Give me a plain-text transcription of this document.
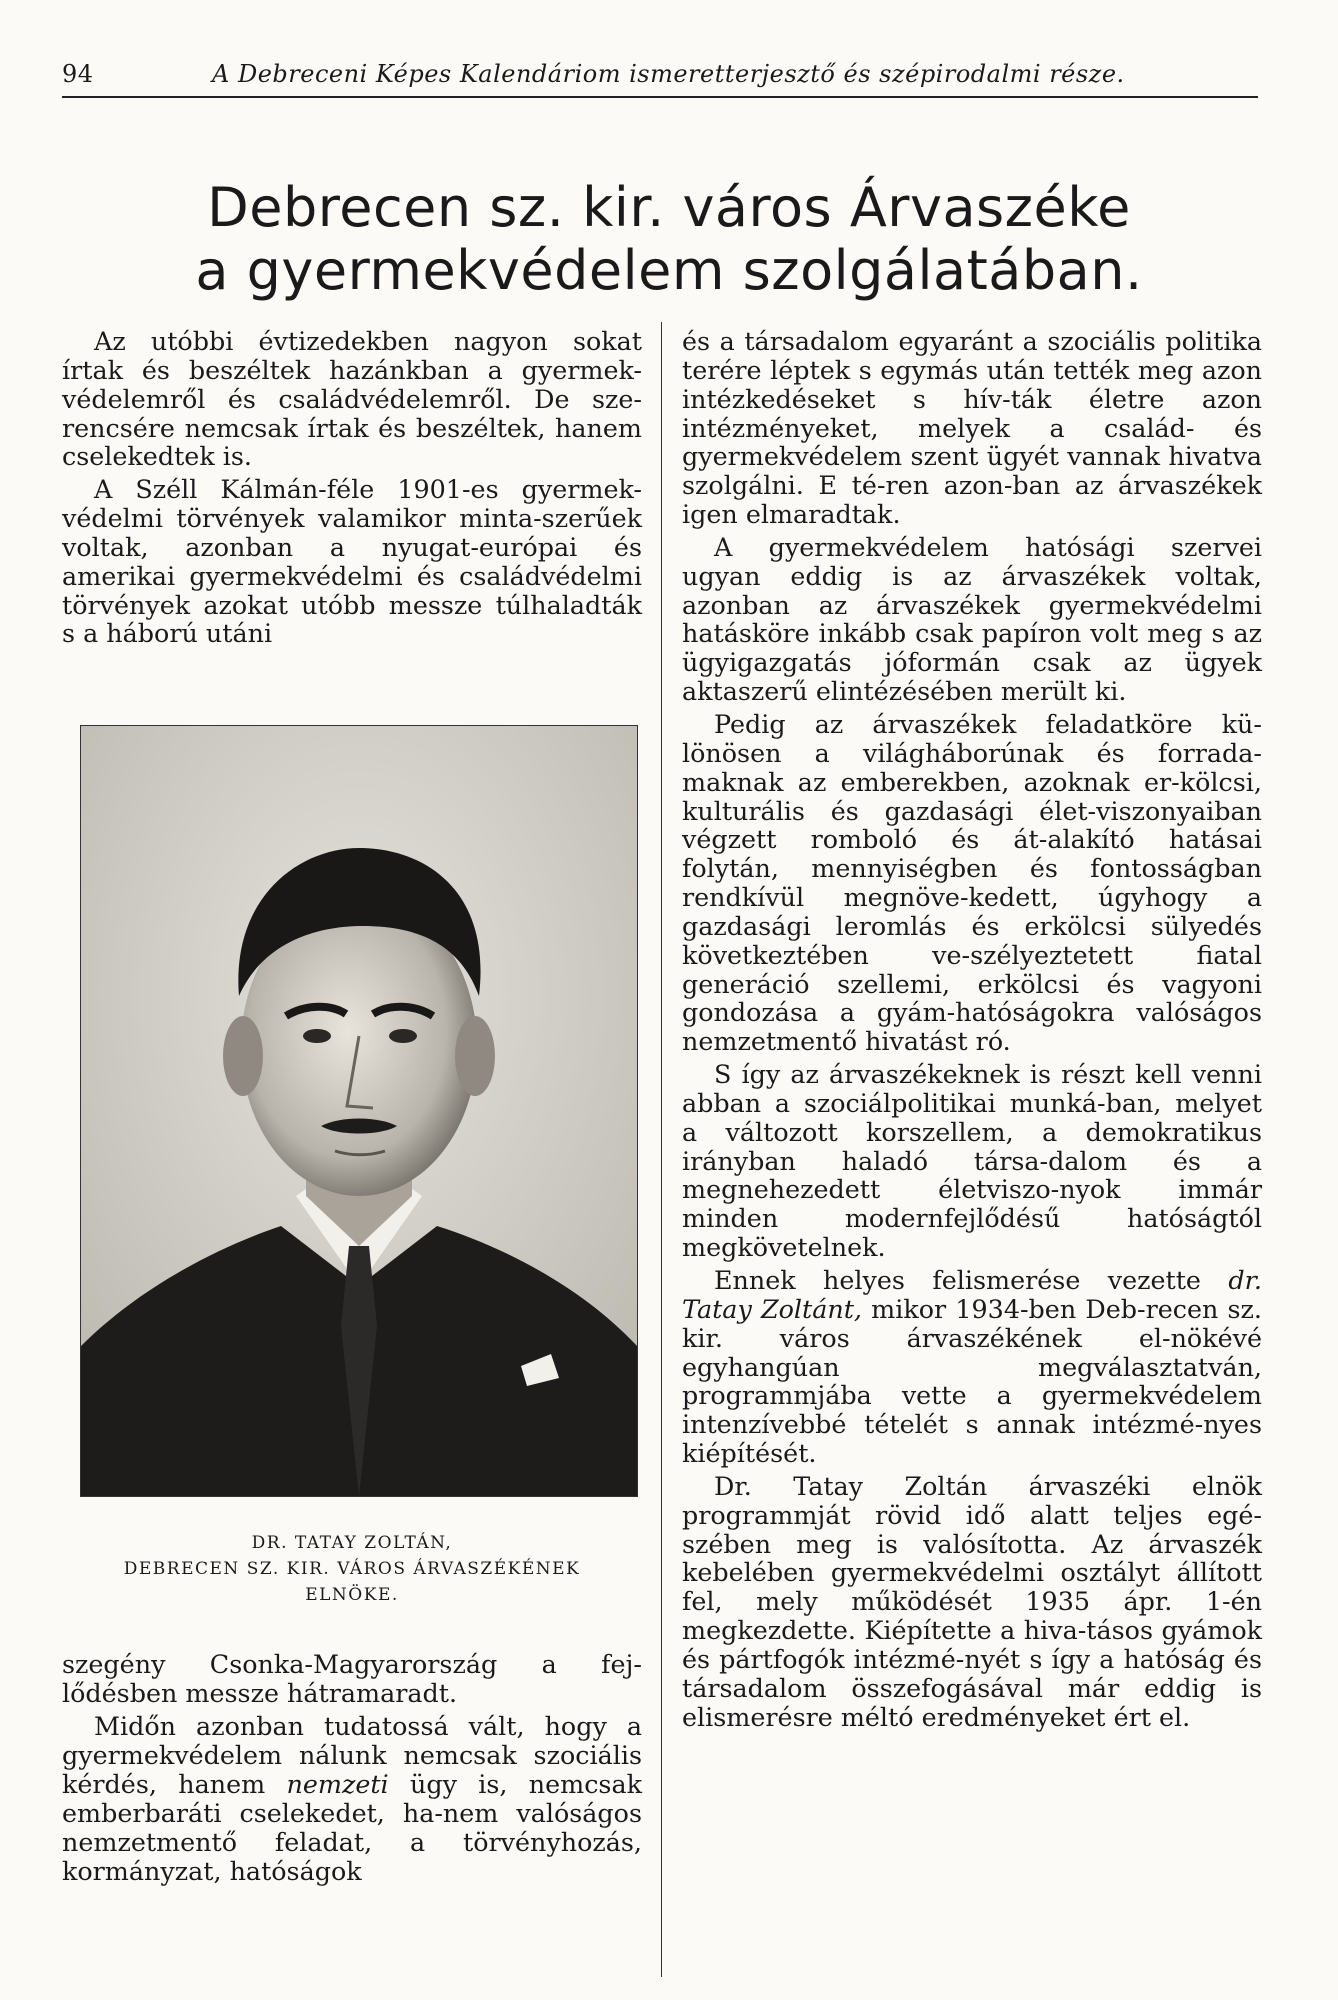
94	A Debreceni Képes Kalendáriom ismeretterjesztő és szépirodalmi része.
Debrecen sz. kir. város Árvaszéke
a gyermekvédelem szolgálatában.

Az utóbbi évtizedekben nagyon sokat írtak és beszéltek hazánkban a gyermek-védelemről és családvédelemről. De sze-rencsére nemcsak írtak és beszéltek, hanem cselekedtek is.

A Széll Kálmán-féle 1901-es gyermek-védelmi törvények valamikor minta-szerűek voltak, azonban a nyugat-európai és amerikai gyermekvédelmi és családvédelmi törvények azokat utóbb messze túlhaladták s a háború utáni

DR. TATAY ZOLTÁN,
DEBRECEN SZ. KIR. VÁROS ÁRVASZÉKÉNEK
ELNÖKE.

szegény Csonka-Magyarország a fej-lődésben messze hátramaradt.

Midőn azonban tudatossá vált, hogy a gyermekvédelem nálunk nemcsak szociális kérdés, hanem nemzeti ügy is, nemcsak emberbaráti cselekedet, ha-nem valóságos nemzetmentő feladat, a törvényhozás, kormányzat, hatóságok

és a társadalom egyaránt a szociális politika terére léptek s egymás után tették meg azon intézkedéseket s hív-ták életre azon intézményeket, melyek a család- és gyermekvédelem szent ügyét vannak hivatva szolgálni. E té-ren azon-ban az árvaszékek igen elmaradtak.

A gyermekvédelem hatósági szervei ugyan eddig is az árvaszékek voltak, azonban az árvaszékek gyermekvédelmi hatásköre inkább csak papíron volt meg s az ügyigazgatás jóformán csak az ügyek aktaszerű elintézésében merült ki.

Pedig az árvaszékek feladatköre kü-lönösen a világháborúnak és forrada-maknak az emberekben, azoknak er-kölcsi, kulturális és gazdasági élet-viszonyaiban végzett romboló és át-alakító hatásai folytán, mennyiségben és fontosságban rendkívül megnöve-kedett, úgyhogy a gazdasági leromlás és erkölcsi sülyedés következtében ve-szélyeztetett fiatal generáció szellemi, erkölcsi és vagyoni gondozása a gyám-hatóságokra valóságos nemzetmentő hivatást ró.

S így az árvaszékeknek is részt kell venni abban a szociálpolitikai munká-ban, melyet a változott korszellem, a demokratikus irányban haladó társa-dalom és a megnehezedett életviszo-nyok immár minden modernfejlődésű hatóságtól megkövetelnek.

Ennek helyes felismerése vezette dr. Tatay Zoltánt, mikor 1934-ben Deb-recen sz. kir. város árvaszékének el-nökévé egyhangúan megválasztatván, programmjába vette a gyermekvédelem intenzívebbé tételét s annak intézmé-nyes kiépítését.

Dr. Tatay Zoltán árvaszéki elnök programmját rövid idő alatt teljes egé-szében meg is valósította. Az árvaszék kebelében gyermekvédelmi osztályt állított fel, mely működését 1935 ápr. 1-én megkezdette. Kiépítette a hiva-tásos gyámok és pártfogók intézmé-nyét s így a hatóság és társadalom összefogásával már eddig is elismerésre méltó eredményeket ért el.
